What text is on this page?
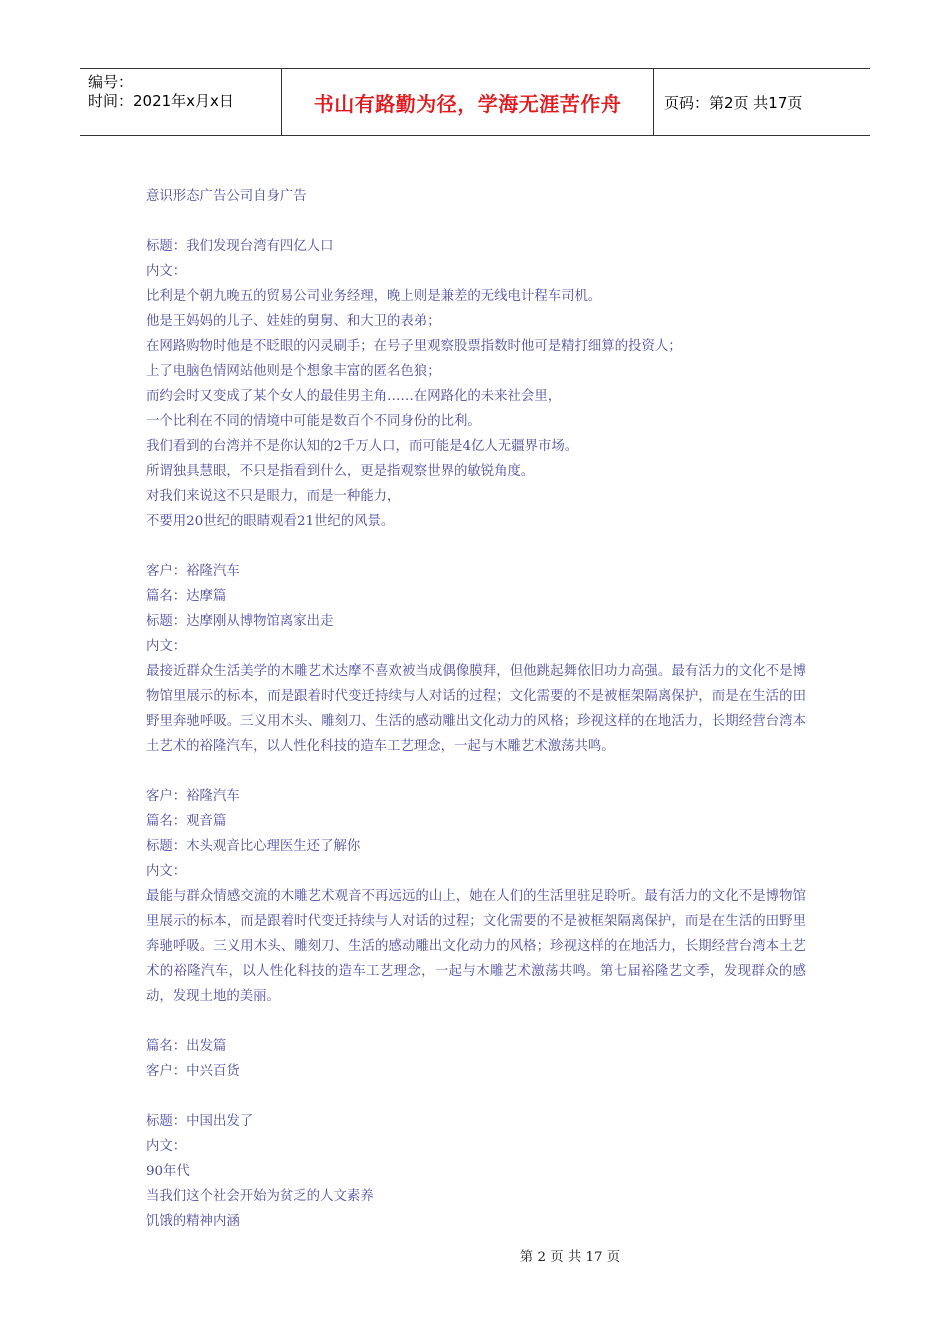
编号：
时间：2021年x月x日	书山有路勤为径，学海无涯苦作舟	页码：第2页 共17页

意识形态广告公司自身广告

标题：我们发现台湾有四亿人口

内文：

比利是个朝九晚五的贸易公司业务经理，晚上则是兼差的无线电计程车司机。

他是王妈妈的儿子、娃娃的舅舅、和大卫的表弟；

在网路购物时他是不眨眼的闪灵刷手；在号子里观察股票指数时他可是精打细算的投资人；

上了电脑色情网站他则是个想象丰富的匿名色狼；

而约会时又变成了某个女人的最佳男主角……在网路化的未来社会里，

一个比利在不同的情境中可能是数百个不同身份的比利。

我们看到的台湾并不是你认知的2千万人口，而可能是4亿人无疆界市场。

所谓独具慧眼，不只是指看到什么，更是指观察世界的敏锐角度。

对我们来说这不只是眼力，而是一种能力，

不要用20世纪的眼睛观看21世纪的风景。

客户：裕隆汽车

篇名：达摩篇

标题：达摩刚从博物馆离家出走

内文：

最接近群众生活美学的木雕艺术达摩不喜欢被当成偶像膜拜，但他跳起舞依旧功力高强。最有活力的文化不是博物馆里展示的标本，而是跟着时代变迁持续与人对话的过程；文化需要的不是被框架隔离保护，而是在生活的田野里奔驰呼吸。三义用木头、雕刻刀、生活的感动雕出文化动力的风格；珍视这样的在地活力，长期经营台湾本土艺术的裕隆汽车，以人性化科技的造车工艺理念，一起与木雕艺术激荡共鸣。

客户：裕隆汽车

篇名：观音篇

标题：木头观音比心理医生还了解你

内文：

最能与群众情感交流的木雕艺术观音不再远远的山上，她在人们的生活里驻足聆听。最有活力的文化不是博物馆里展示的标本，而是跟着时代变迁持续与人对话的过程；文化需要的不是被框架隔离保护，而是在生活的田野里奔驰呼吸。三义用木头、雕刻刀、生活的感动雕出文化动力的风格；珍视这样的在地活力，长期经营台湾本土艺术的裕隆汽车，以人性化科技的造车工艺理念，一起与木雕艺术激荡共鸣。第七届裕隆艺文季，发现群众的感动，发现土地的美丽。

篇名：出发篇

客户：中兴百货

标题：中国出发了

内文：

90年代

当我们这个社会开始为贫乏的人文素养

饥饿的精神内涵

第 2 页 共 17 页
